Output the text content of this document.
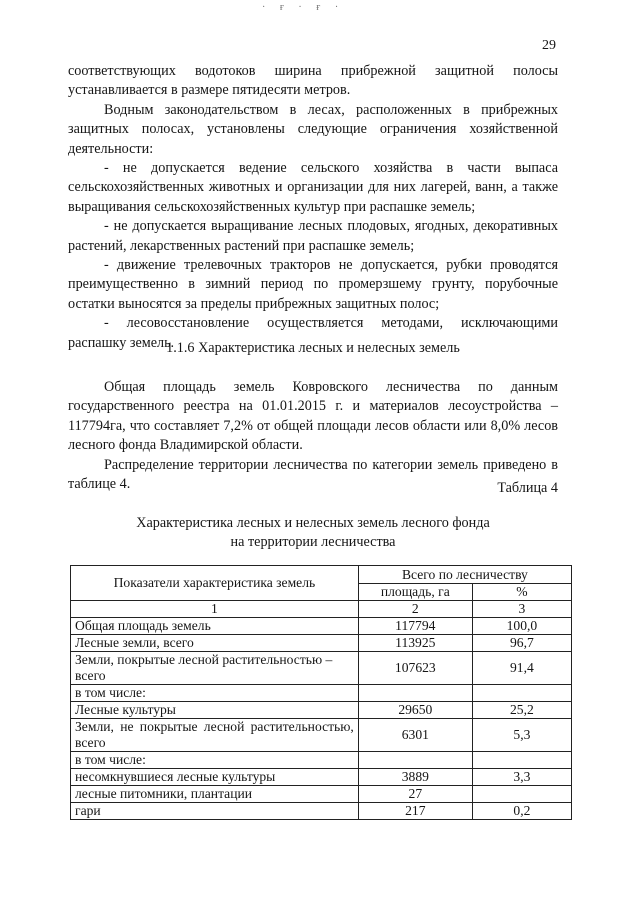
· ғ · ғ ·
29

соответствующих водотоков ширина прибрежной защитной полосы устанавливается в размере пятидесяти метров.

Водным законодательством в лесах, расположенных в прибрежных защитных полосах, установлены следующие ограничения хозяйственной деятельности:

- не допускается ведение сельского хозяйства в части выпаса сельскохозяйственных животных и организации для них лагерей, ванн, а также выращивания сельскохозяйственных культур при распашке земель;

- не допускается выращивание лесных плодовых, ягодных, декоративных растений, лекарственных растений при распашке земель;

- движение трелевочных тракторов не допускается, рубки проводятся преимущественно в зимний период по промерзшему грунту, порубочные остатки выносятся за пределы прибрежных защитных полос;

- лесовосстановление осуществляется методами, исключающими распашку земель.

1.1.6 Характеристика лесных и нелесных земель

Общая площадь земель Ковровского лесничества по данным государственного реестра на 01.01.2015 г. и материалов лесоустройства – 117794га, что составляет 7,2% от общей площади лесов области или 8,0% лесов лесного фонда Владимирской области.

Распределение территории лесничества по категории земель приведено в таблице 4.	Таблица 4
Характеристика лесных и нелесных земель лесного фонда
на территории лесничества
Показатели характеристика земель	Всего по лесничеству	
	площадь, га	%
1	2	3
Общая площадь земель	117794	100,0
Лесные земли, всего	113925	96,7
Земли, покрытые лесной растительностью – всего	107623	91,4
в том числе:		
Лесные культуры	29650	25,2
Земли, не покрытые лесной растительностью, всего	6301	5,3
в том числе:		
несомкнувшиеся лесные культуры	3889	3,3
лесные питомники, плантации	27	
гари	217	0,2
